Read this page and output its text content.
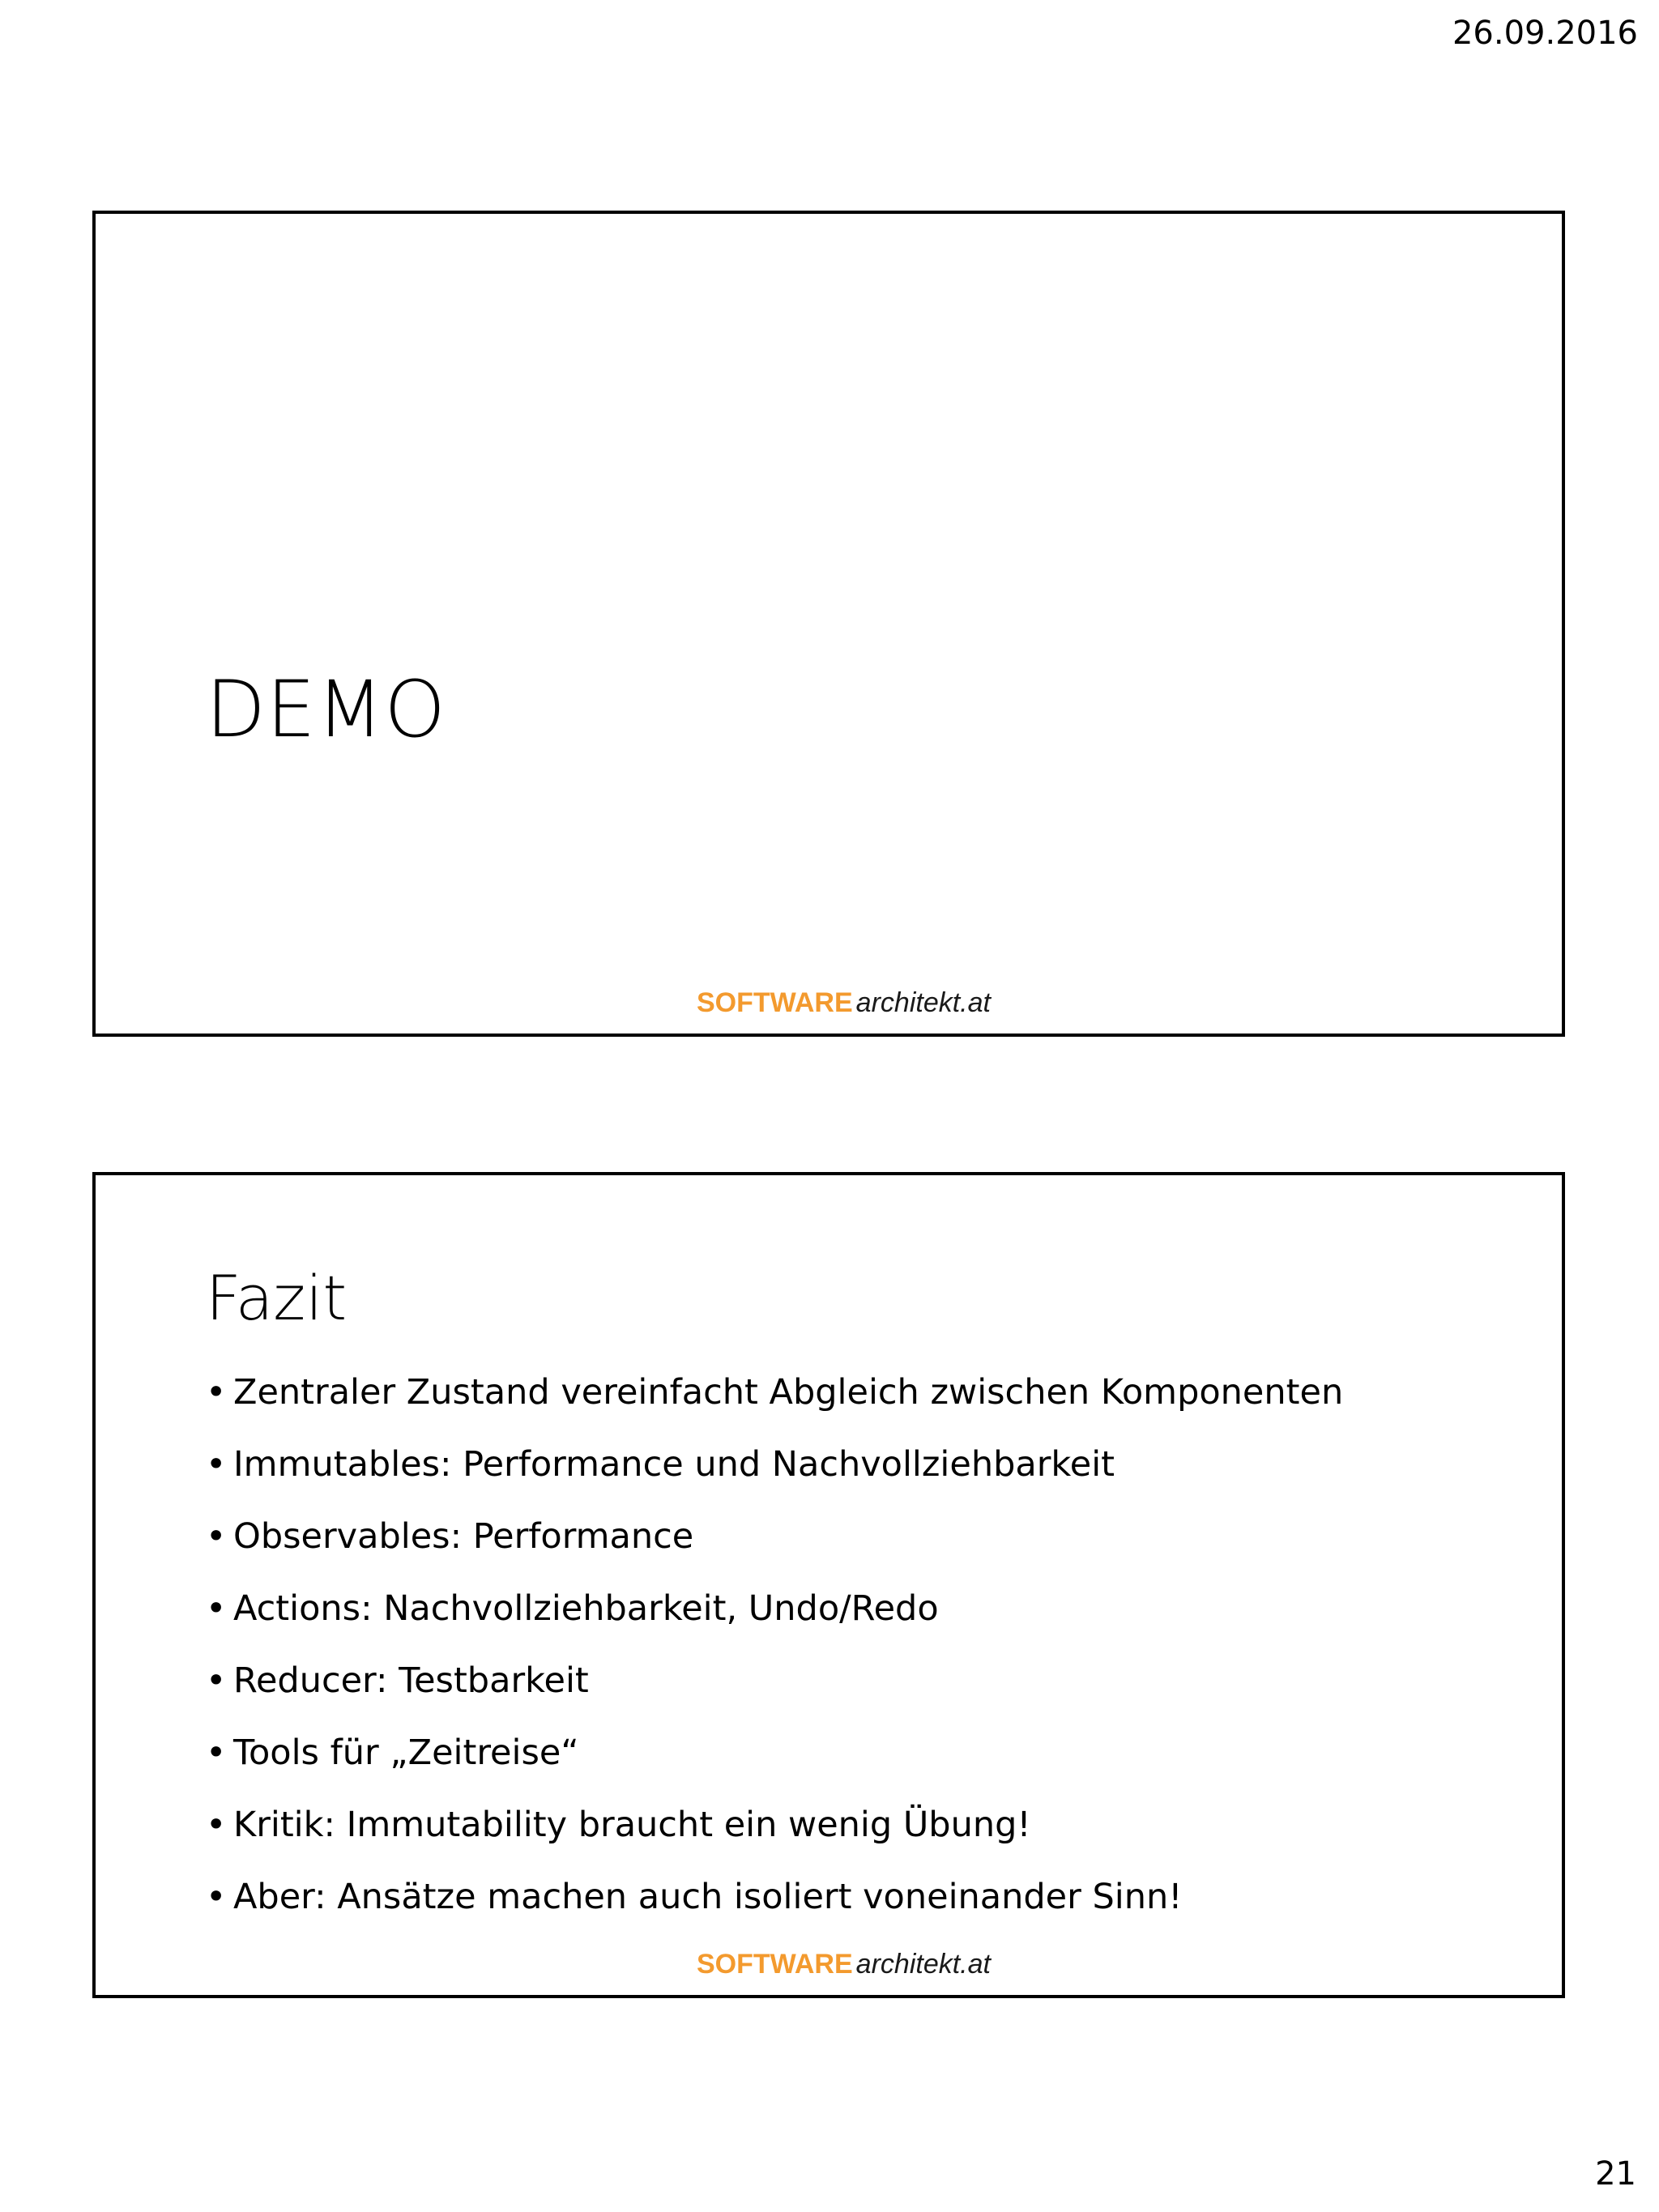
26.09.2016
DEMO
SOFTWARE architekt.at
Fazit
• Zentraler Zustand vereinfacht Abgleich zwischen Komponenten
• Immutables: Performance und Nachvollziehbarkeit
• Observables: Performance
• Actions: Nachvollziehbarkeit, Undo/Redo
• Reducer: Testbarkeit
• Tools für „Zeitreise“
• Kritik: Immutability braucht ein wenig Übung!
• Aber: Ansätze machen auch isoliert voneinander Sinn!
SOFTWARE architekt.at
21
